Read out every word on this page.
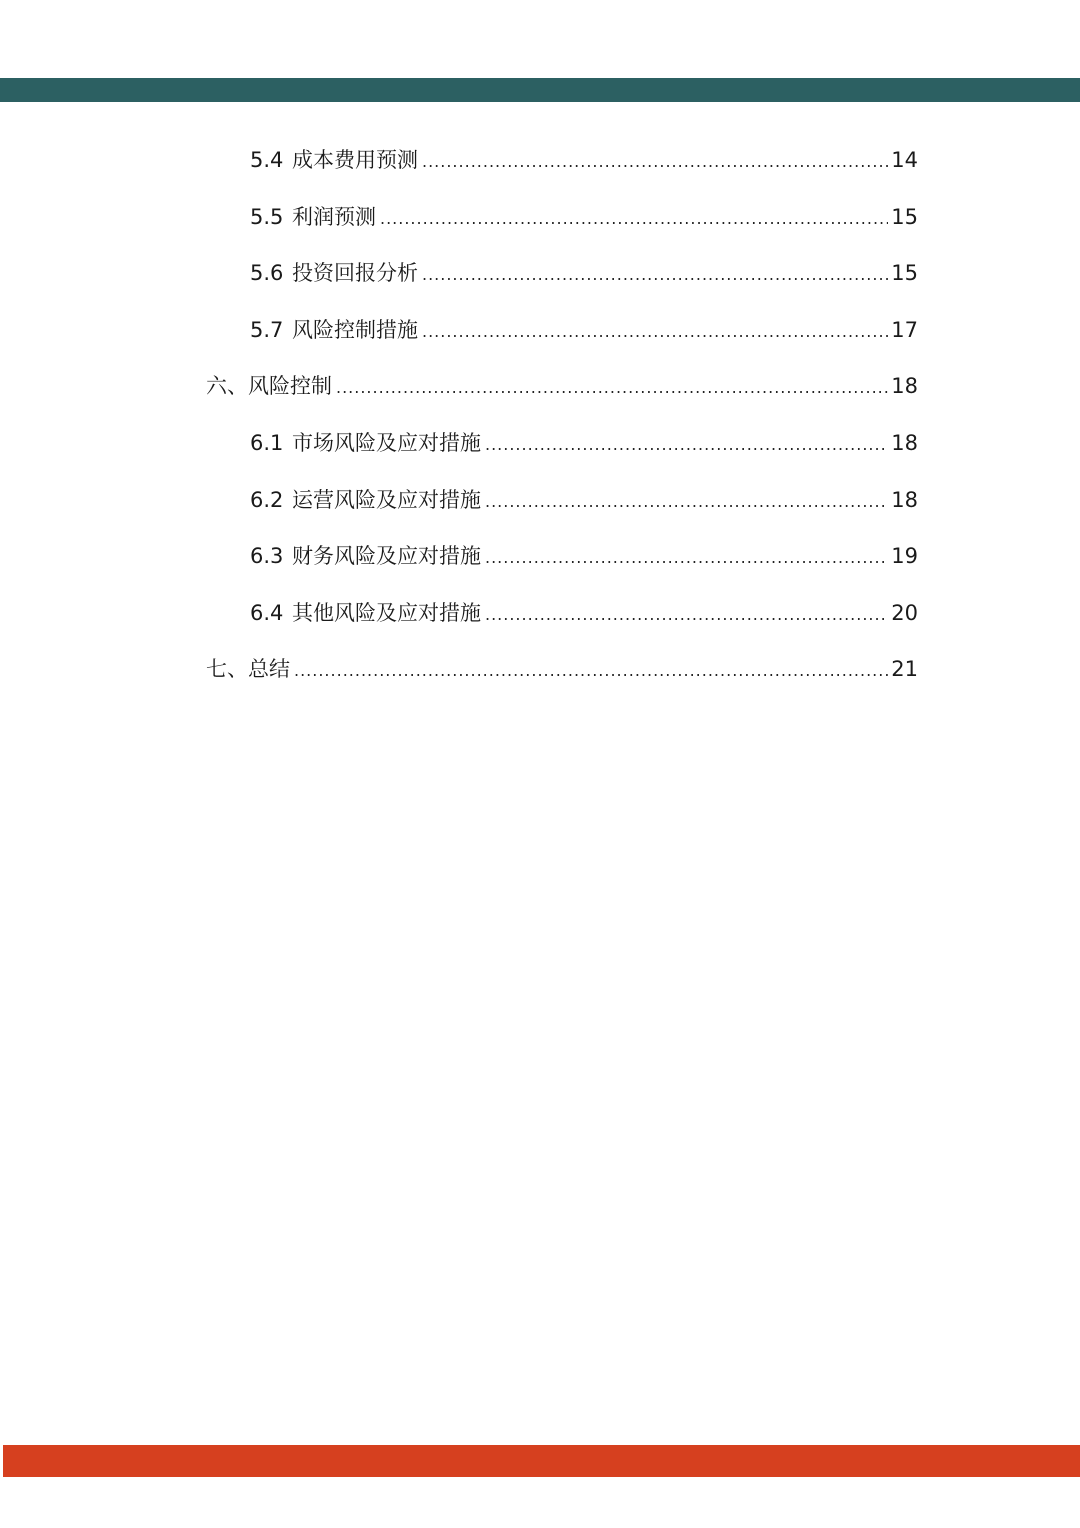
5.4 成本费用预测 .....	14
5.5 利润预测 .....	15
5.6 投资回报分析 .....	15
5.7 风险控制措施 .....	17
六、风险控制 .....	18
6.1 市场风险及应对措施 .....	18
6.2 运营风险及应对措施 .....	18
6.3 财务风险及应对措施 .....	19
6.4 其他风险及应对措施 .....	20
七、总结 .....	21
